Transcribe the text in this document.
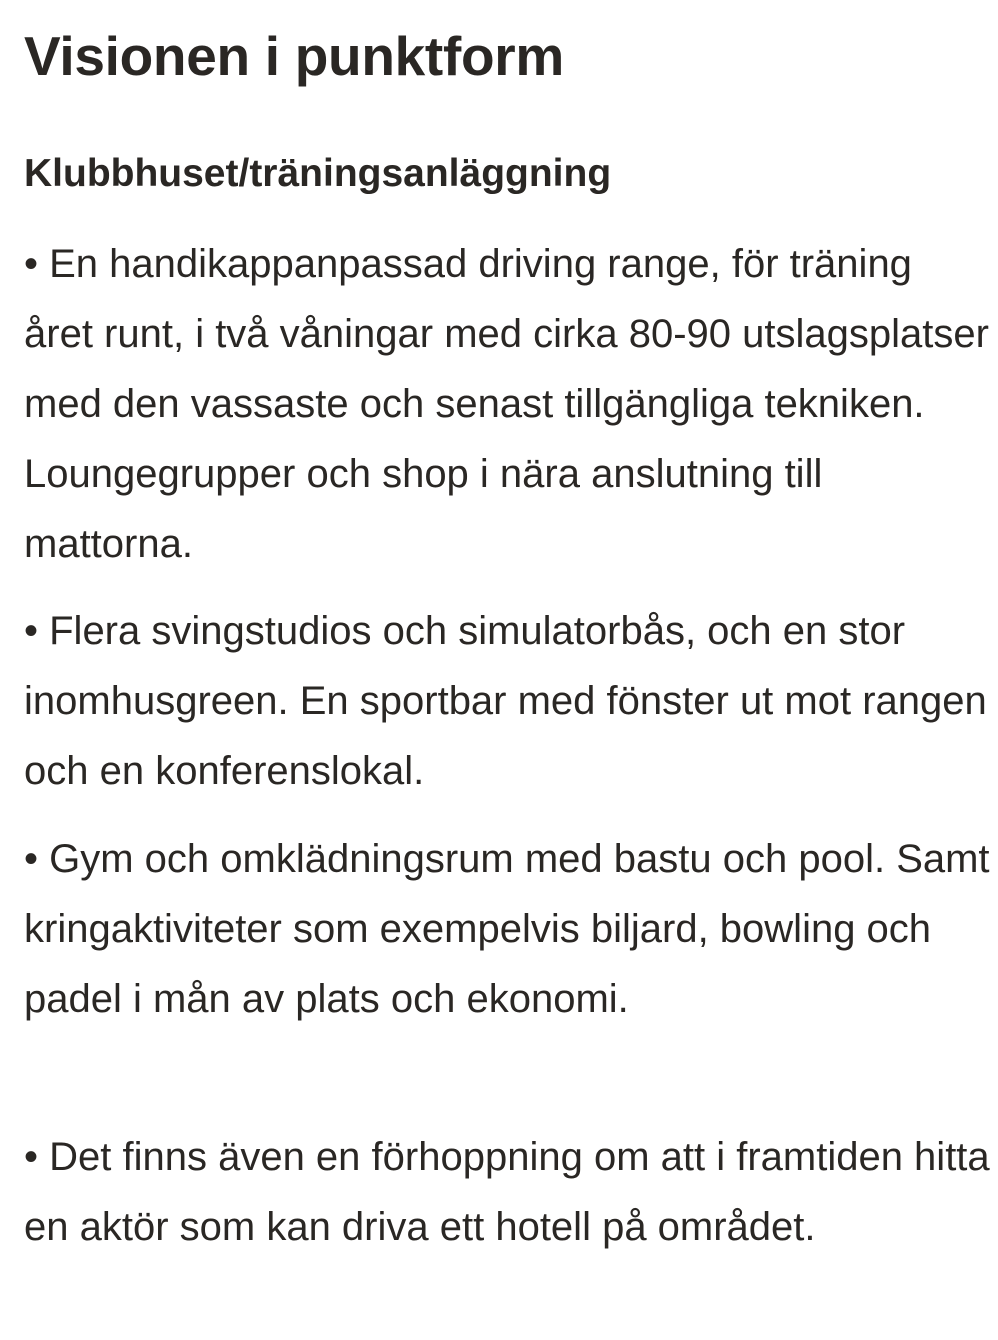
Visionen i punktform
Klubbhuset/träningsanläggning

• En handikappanpassad driving range, för träning året runt, i två våningar med cirka 80-90 utslagsplatser med den vassaste och senast tillgängliga tekniken. Loungegrupper och shop i nära anslutning till mattorna.

• Flera svingstudios och simulatorbås, och en stor inomhusgreen. En sportbar med fönster ut mot rangen och en konferenslokal.

• Gym och omklädningsrum med bastu och pool. Samt kringaktiviteter som exempelvis biljard, bowling och padel i mån av plats och ekonomi.

• Det finns även en förhoppning om att i framtiden hitta en aktör som kan driva ett hotell på området.
